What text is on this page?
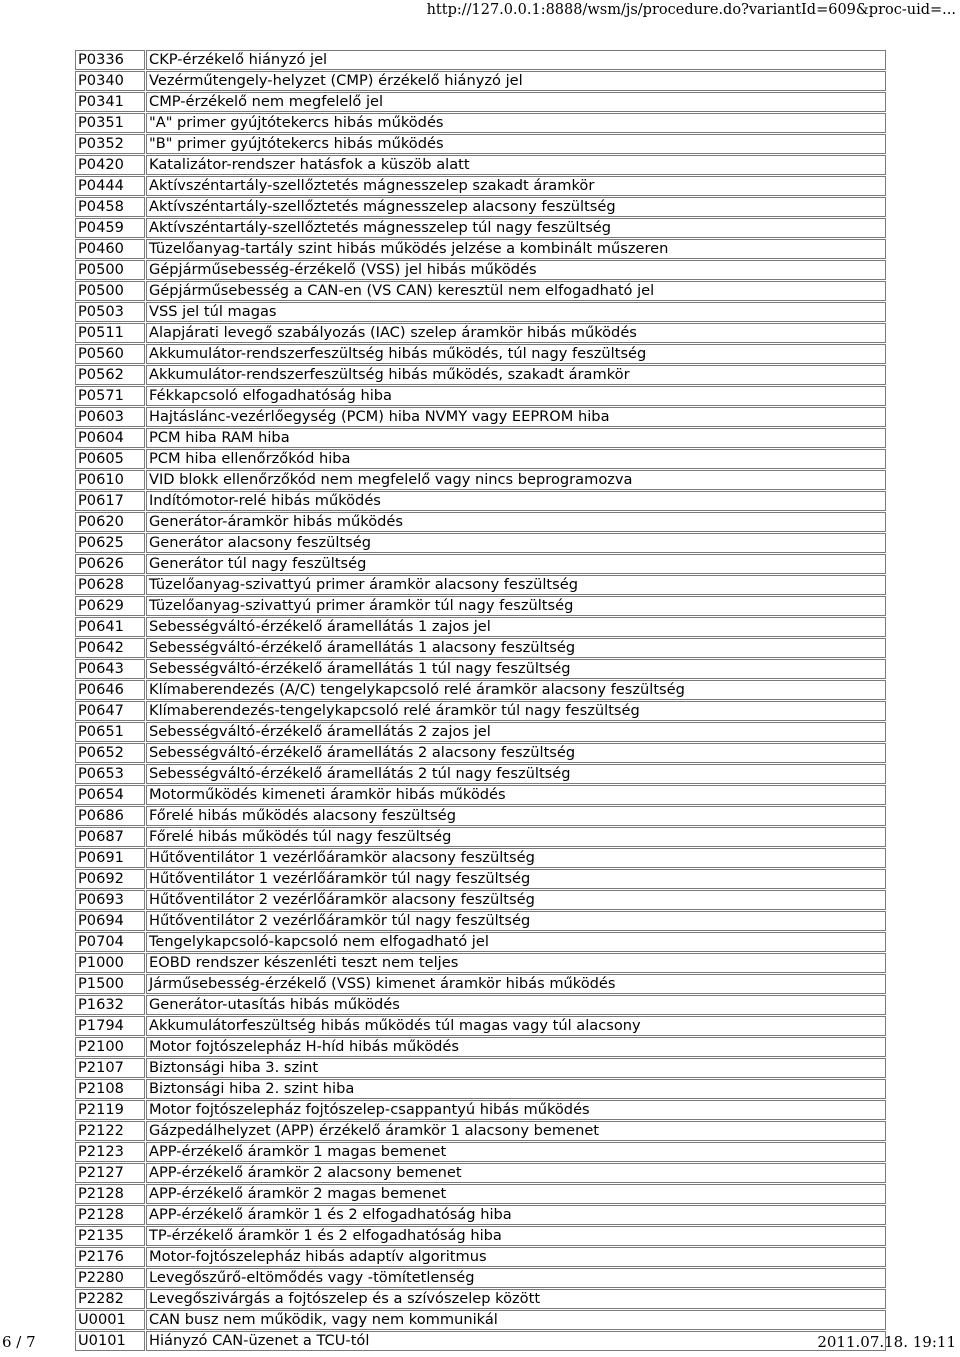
http://127.0.0.1:8888/wsm/js/procedure.do?variantId=609&proc-uid=...
P0336	CKP-érzékelő hiányzó jel
P0340	Vezérműtengely-helyzet (CMP) érzékelő hiányzó jel
P0341	CMP-érzékelő nem megfelelő jel
P0351	"A" primer gyújtótekercs hibás működés
P0352	"B" primer gyújtótekercs hibás működés
P0420	Katalizátor-rendszer hatásfok a küszöb alatt
P0444	Aktívszéntartály-szellőztetés mágnesszelep szakadt áramkör
P0458	Aktívszéntartály-szellőztetés mágnesszelep alacsony feszültség
P0459	Aktívszéntartály-szellőztetés mágnesszelep túl nagy feszültség
P0460	Tüzelőanyag-tartály szint hibás működés jelzése a kombinált műszeren
P0500	Gépjárműsebesség-érzékelő (VSS) jel hibás működés
P0500	Gépjárműsebesség a CAN-en (VS CAN) keresztül nem elfogadható jel
P0503	VSS jel túl magas
P0511	Alapjárati levegő szabályozás (IAC) szelep áramkör hibás működés
P0560	Akkumulátor-rendszerfeszültség hibás működés, túl nagy feszültség
P0562	Akkumulátor-rendszerfeszültség hibás működés, szakadt áramkör
P0571	Fékkapcsoló elfogadhatóság hiba
P0603	Hajtáslánc-vezérlőegység (PCM) hiba NVMY vagy EEPROM hiba
P0604	PCM hiba RAM hiba
P0605	PCM hiba ellenőrzőkód hiba
P0610	VID blokk ellenőrzőkód nem megfelelő vagy nincs beprogramozva
P0617	Indítómotor-relé hibás működés
P0620	Generátor-áramkör hibás működés
P0625	Generátor alacsony feszültség
P0626	Generátor túl nagy feszültség
P0628	Tüzelőanyag-szivattyú primer áramkör alacsony feszültség
P0629	Tüzelőanyag-szivattyú primer áramkör túl nagy feszültség
P0641	Sebességváltó-érzékelő áramellátás 1 zajos jel
P0642	Sebességváltó-érzékelő áramellátás 1 alacsony feszültség
P0643	Sebességváltó-érzékelő áramellátás 1 túl nagy feszültség
P0646	Klímaberendezés (A/C) tengelykapcsoló relé áramkör alacsony feszültség
P0647	Klímaberendezés-tengelykapcsoló relé áramkör túl nagy feszültség
P0651	Sebességváltó-érzékelő áramellátás 2 zajos jel
P0652	Sebességváltó-érzékelő áramellátás 2 alacsony feszültség
P0653	Sebességváltó-érzékelő áramellátás 2 túl nagy feszültség
P0654	Motorműködés kimeneti áramkör hibás működés
P0686	Főrelé hibás működés alacsony feszültség
P0687	Főrelé hibás működés túl nagy feszültség
P0691	Hűtőventilátor 1 vezérlőáramkör alacsony feszültség
P0692	Hűtőventilátor 1 vezérlőáramkör túl nagy feszültség
P0693	Hűtőventilátor 2 vezérlőáramkör alacsony feszültség
P0694	Hűtőventilátor 2 vezérlőáramkör túl nagy feszültség
P0704	Tengelykapcsoló-kapcsoló nem elfogadható jel
P1000	EOBD rendszer készenléti teszt nem teljes
P1500	Járműsebesség-érzékelő (VSS) kimenet áramkör hibás működés
P1632	Generátor-utasítás hibás működés
P1794	Akkumulátorfeszültség hibás működés túl magas vagy túl alacsony
P2100	Motor fojtószelepház H-híd hibás működés
P2107	Biztonsági hiba 3. szint
P2108	Biztonsági hiba 2. szint hiba
P2119	Motor fojtószelepház fojtószelep-csappantyú hibás működés
P2122	Gázpedálhelyzet (APP) érzékelő áramkör 1 alacsony bemenet
P2123	APP-érzékelő áramkör 1 magas bemenet
P2127	APP-érzékelő áramkör 2 alacsony bemenet
P2128	APP-érzékelő áramkör 2 magas bemenet
P2128	APP-érzékelő áramkör 1 és 2 elfogadhatóság hiba
P2135	TP-érzékelő áramkör 1 és 2 elfogadhatóság hiba
P2176	Motor-fojtószelepház hibás adaptív algoritmus
P2280	Levegőszűrő-eltömődés vagy -tömítetlenség
P2282	Levegőszivárgás a fojtószelep és a szívószelep között
U0001	CAN busz nem működik, vagy nem kommunikál
U0101	Hiányzó CAN-üzenet a TCU-tól
6 / 7	2011.07.18. 19:11
